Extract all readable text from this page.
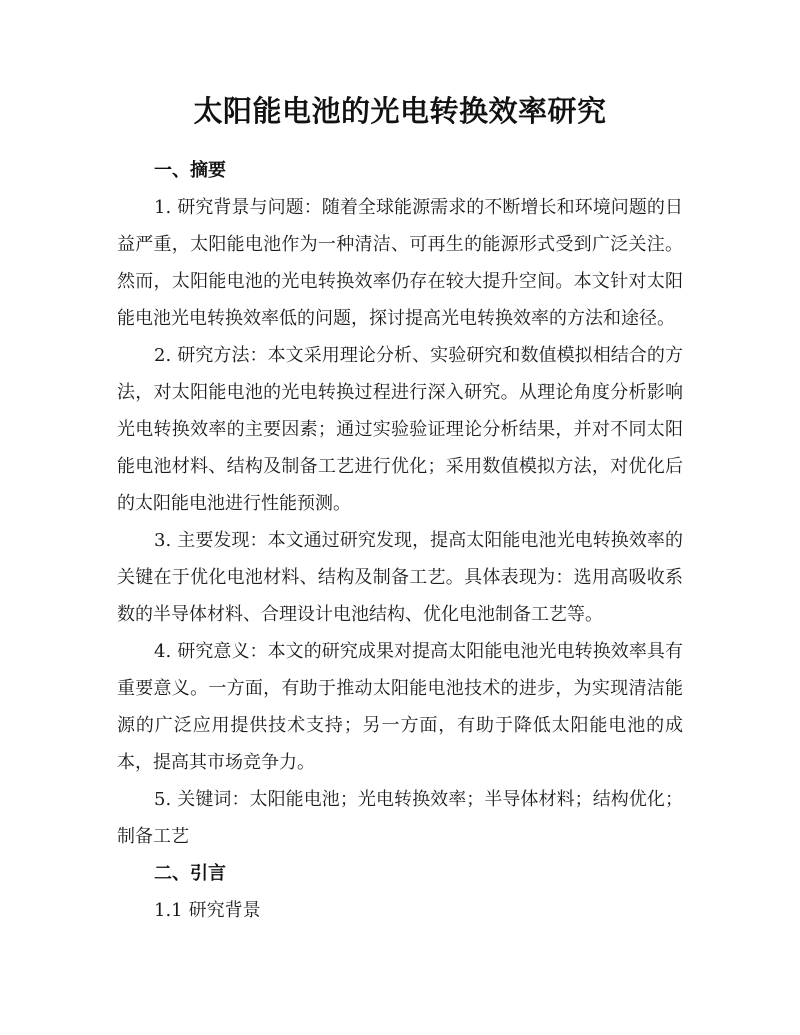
太阳能电池的光电转换效率研究
一、摘要

1. 研究背景与问题：随着全球能源需求的不断增长和环境问题的日益严重，太阳能电池作为一种清洁、可再生的能源形式受到广泛关注。然而，太阳能电池的光电转换效率仍存在较大提升空间。本文针对太阳能电池光电转换效率低的问题，探讨提高光电转换效率的方法和途径。

2. 研究方法：本文采用理论分析、实验研究和数值模拟相结合的方法，对太阳能电池的光电转换过程进行深入研究。从理论角度分析影响光电转换效率的主要因素；通过实验验证理论分析结果，并对不同太阳能电池材料、结构及制备工艺进行优化；采用数值模拟方法，对优化后的太阳能电池进行性能预测。

3. 主要发现：本文通过研究发现，提高太阳能电池光电转换效率的关键在于优化电池材料、结构及制备工艺。具体表现为：选用高吸收系数的半导体材料、合理设计电池结构、优化电池制备工艺等。

4. 研究意义：本文的研究成果对提高太阳能电池光电转换效率具有重要意义。一方面，有助于推动太阳能电池技术的进步，为实现清洁能源的广泛应用提供技术支持；另一方面，有助于降低太阳能电池的成本，提高其市场竞争力。

5. 关键词：太阳能电池；光电转换效率；半导体材料；结构优化；制备工艺

二、引言

1.1 研究背景
